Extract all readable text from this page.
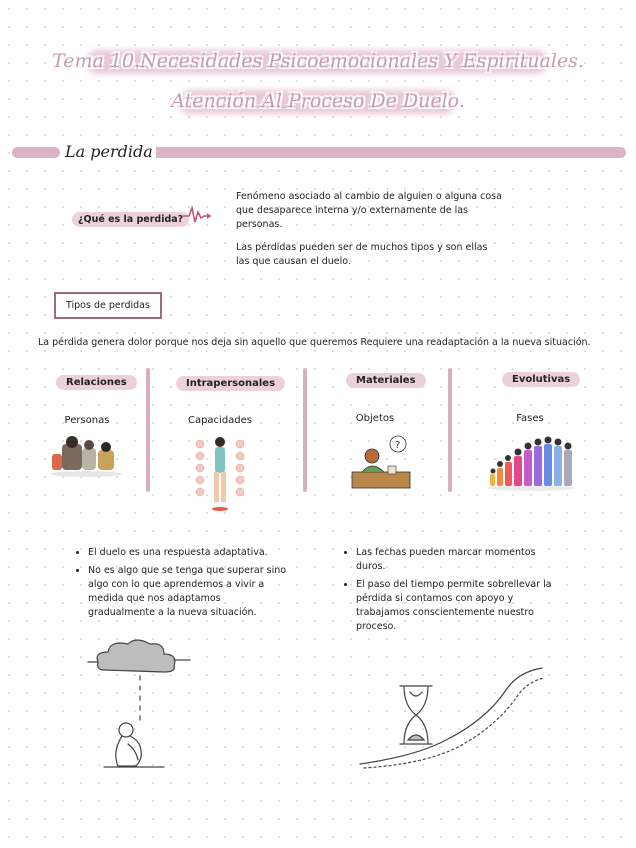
Tema 10.Necesidades Psicoemocionales Y Espirituales.
Atención Al Proceso De Duelo.
La perdida
¿Qué es la perdida?
Fenómeno asociado al cambio de alguien o alguna cosa que desaparece interna y/o externamente de las personas.
Las pérdidas pueden ser de muchos tipos y son ellas las que causan el duelo.
Tipos de perdidas
La pérdida genera dolor porque nos deja sin aquello que queremos Requiere una readaptación a la nueva situación.
Relaciones	Intrapersonales	Materiales	Evolutivas
Personas	Capacidades	Objetos	Fases
?
• El duelo es una respuesta adaptativa.
• No es algo que se tenga que superar sino algo con lo que aprendemos a vivir a medida que nos adaptamos gradualmente a la nueva situación.
• Las fechas pueden marcar momentos duros.
• El paso del tiempo permite sobrellevar la pérdida si contamos con apoyo y trabajamos conscientemente nuestro proceso.
